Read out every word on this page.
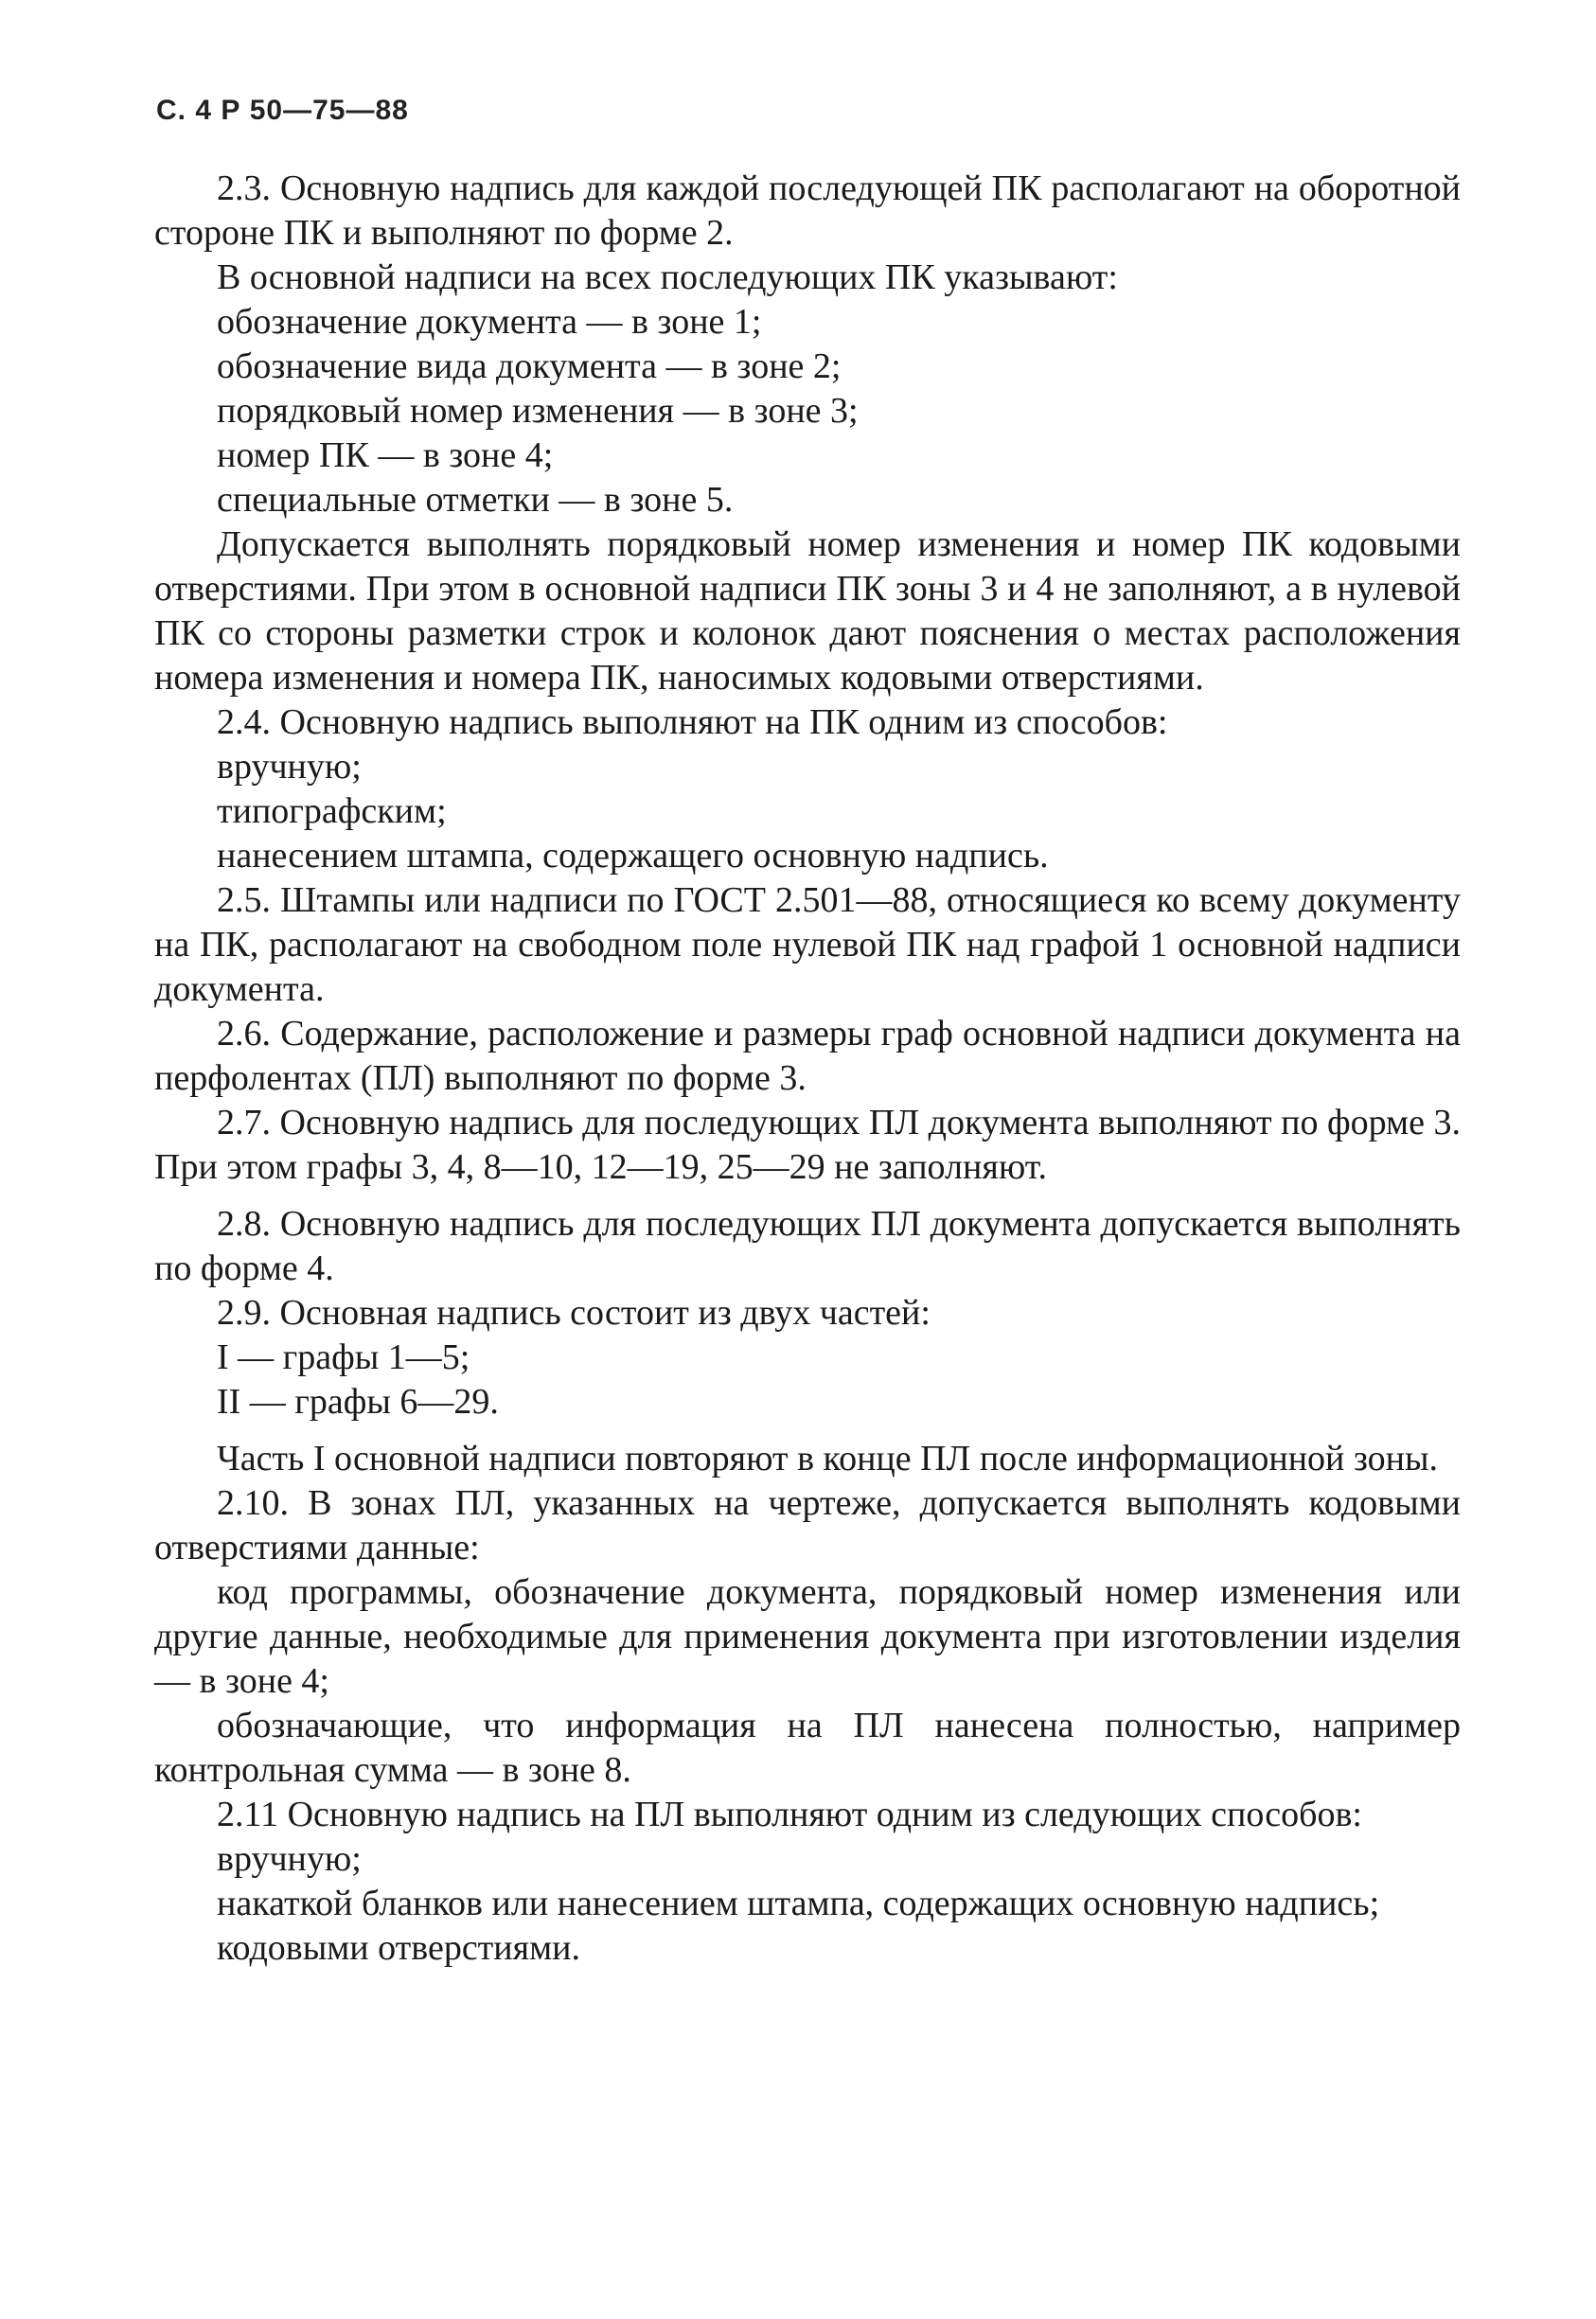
С. 4 Р 50—75—88

2.3. Основную надпись для каждой последующей ПК располагают на оборотной стороне ПК и выполняют по форме 2.

В основной надписи на всех последующих ПК указывают:

обозначение документа — в зоне 1;

обозначение вида документа — в зоне 2;

порядковый номер изменения — в зоне 3;

номер ПК — в зоне 4;

специальные отметки — в зоне 5.

Допускается выполнять порядковый номер изменения и номер ПК кодовыми отверстиями. При этом в основной надписи ПК зоны 3 и 4 не заполняют, а в нулевой ПК со стороны разметки строк и колонок дают пояснения о местах расположения номера изменения и номера ПК, наносимых кодовыми отверстиями.

2.4. Основную надпись выполняют на ПК одним из способов:

вручную;

типографским;

нанесением штампа, содержащего основную надпись.

2.5. Штампы или надписи по ГОСТ 2.501—88, относящиеся ко всему документу на ПК, располагают на свободном поле нулевой ПК над графой 1 основной надписи документа.

2.6. Содержание, расположение и размеры граф основной надписи документа на перфолентах (ПЛ) выполняют по форме 3.

2.7. Основную надпись для последующих ПЛ документа выполняют по форме 3. При этом графы 3, 4, 8—10, 12—19, 25—29 не заполняют.

2.8. Основную надпись для последующих ПЛ документа допускается выполнять по форме 4.

2.9. Основная надпись состоит из двух частей:

I — графы 1—5;

II — графы 6—29.

Часть I основной надписи повторяют в конце ПЛ после информационной зоны.

2.10. В зонах ПЛ, указанных на чертеже, допускается выполнять кодовыми отверстиями данные:

код программы, обозначение документа, порядковый номер изменения или другие данные, необходимые для применения документа при изготовлении изделия — в зоне 4;

обозначающие, что информация на ПЛ нанесена полностью, например контрольная сумма — в зоне 8.

2.11 Основную надпись на ПЛ выполняют одним из следующих способов:

вручную;

накаткой бланков или нанесением штампа, содержащих основную надпись;

кодовыми отверстиями.
